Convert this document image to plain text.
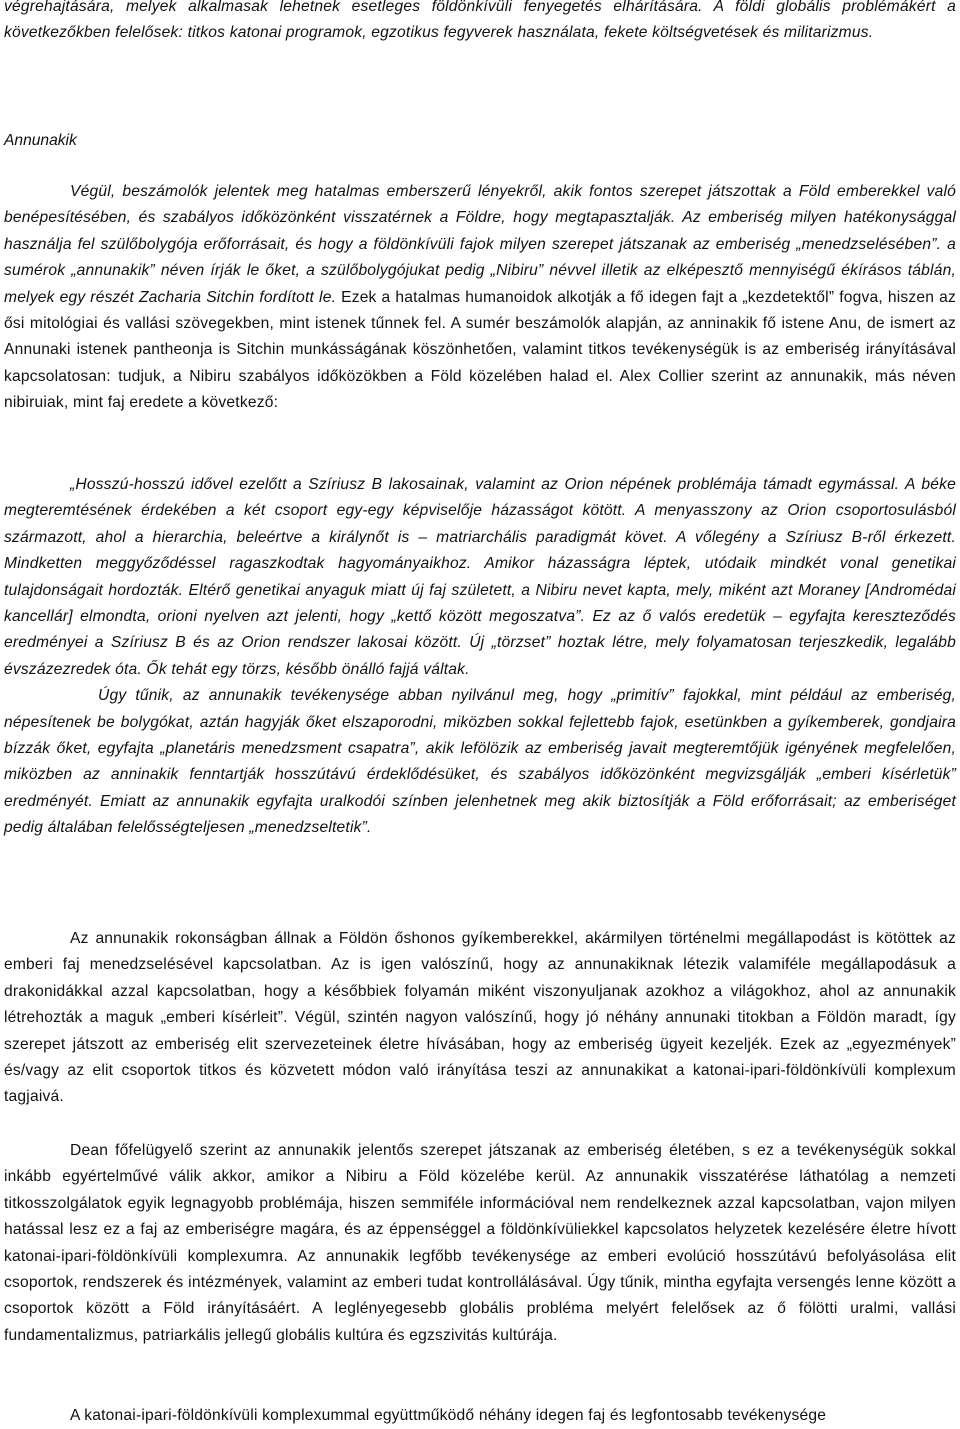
végrehajtására, melyek alkalmasak lehetnek esetleges földönkívüli fenyegetés elhárítására. A földi globális problémákért a következőkben felelősek: titkos katonai programok, egzotikus fegyverek használata, fekete költségvetések és militarizmus.

Annunakik

Végül, beszámolók jelentek meg hatalmas emberszerű lényekről, akik fontos szerepet játszottak a Föld emberekkel való benépesítésében, és szabályos időközönként visszatérnek a Földre, hogy megtapasztalják. Az emberiség milyen hatékonysággal használja fel szülőbolygója erőforrásait, és hogy a földönkívüli fajok milyen szerepet játszanak az emberiség „menedzselésében”. a sumérok „annunakik” néven írják le őket, a szülőbolygójukat pedig „Nibiru” névvel illetik az elképesztő mennyiségű ékírásos táblán, melyek egy részét Zacharia Sitchin fordított le. Ezek a hatalmas humanoidok alkotják a fő idegen fajt a „kezdetektől” fogva, hiszen az ősi mitológiai és vallási szövegekben, mint istenek tűnnek fel. A sumér beszámolók alapján, az anninakik fő istene Anu, de ismert az Annunaki istenek pantheonja is Sitchin munkásságának köszönhetően, valamint titkos tevékenységük is az emberiség irányításával kapcsolatosan: tudjuk, a Nibiru szabályos időközökben a Föld közelében halad el. Alex Collier szerint az annunakik, más néven nibiruiak, mint faj eredete a következő:

„Hosszú-hosszú idővel ezelőtt a Szíriusz B lakosainak, valamint az Orion népének problémája támadt egymással. A béke megteremtésének érdekében a két csoport egy-egy képviselője házasságot kötött. A menyasszony az Orion csoportosulásból származott, ahol a hierarchia, beleértve a királynőt is – matriarchális paradigmát követ. A vőlegény a Szíriusz B-ről érkezett. Mindketten meggyőződéssel ragaszkodtak hagyományaikhoz. Amikor házasságra léptek, utódaik mindkét vonal genetikai tulajdonságait hordozták. Eltérő genetikai anyaguk miatt új faj született, a Nibiru nevet kapta, mely, miként azt Moraney [Andromédai kancellár] elmondta, orioni nyelven azt jelenti, hogy „kettő között megoszatva”. Ez az ő valós eredetük – egyfajta kereszteződés eredményei a Szíriusz B és az Orion rendszer lakosai között. Új „törzset” hoztak létre, mely folyamatosan terjeszkedik, legalább évszázezredek óta. Ők tehát egy törzs, később önálló fajjá váltak.
Úgy tűnik, az annunakik tevékenysége abban nyilvánul meg, hogy „primitív” fajokkal, mint például az emberiség, népesítenek be bolygókat, aztán hagyják őket elszaporodni, miközben sokkal fejlettebb fajok, esetünkben a gyíkemberek, gondjaira bízzák őket, egyfajta „planetáris menedzsment csapatra”, akik lefölözik az emberiség javait megteremtőjük igényének megfelelően, miközben az anninakik fenntartják hosszútávú érdeklődésüket, és szabályos időközönként megvizsgálják „emberi kísérletük” eredményét. Emiatt az annunakik egyfajta uralkodói színben jelenhetnek meg akik biztosítják a Föld erőforrásait; az emberiséget pedig általában felelősségteljesen „menedzseltetik”.

Az annunakik rokonságban állnak a Földön őshonos gyíkemberekkel, akármilyen történelmi megállapodást is kötöttek az emberi faj menedzselésével kapcsolatban. Az is igen valószínű, hogy az annunakiknak létezik valamiféle megállapodásuk a drakonidákkal azzal kapcsolatban, hogy a későbbiek folyamán miként viszonyuljanak azokhoz a világokhoz, ahol az annunakik létrehozták a maguk „emberi kísérleit”. Végül, szintén nagyon valószínű, hogy jó néhány annunaki titokban a Földön maradt, így szerepet játszott az emberiség elit szervezeteinek életre hívásában, hogy az emberiség ügyeit kezeljék. Ezek az „egyezmények” és/vagy az elit csoportok titkos és közvetett módon való irányítása teszi az annunakikat a katonai-ipari-földönkívüli komplexum tagjaivá.

Dean főfelügyelő szerint az annunakik jelentős szerepet játszanak az emberiség életében, s ez a tevékenységük sokkal inkább egyértelművé válik akkor, amikor a Nibiru a Föld közelébe kerül. Az annunakik visszatérése láthatólag a nemzeti titkosszolgálatok egyik legnagyobb problémája, hiszen semmiféle információval nem rendelkeznek azzal kapcsolatban, vajon milyen hatással lesz ez a faj az emberiségre magára, és az éppenséggel a földönkívüliekkel kapcsolatos helyzetek kezelésére életre hívott katonai-ipari-földönkívüli komplexumra. Az annunakik legfőbb tevékenysége az emberi evolúció hosszútávú befolyásolása elit csoportok, rendszerek és intézmények, valamint az emberi tudat kontrollálásával. Úgy tűnik, mintha egyfajta versengés lenne között a csoportok között a Föld irányításáért. A leglényegesebb globális probléma melyért felelősek az ő fölötti uralmi, vallási fundamentalizmus, patriarkális jellegű globális kultúra és egzszivitás kultúrája.

A katonai-ipari-földönkívüli komplexummal együttműködő néhány idegen faj és legfontosabb tevékenysége
